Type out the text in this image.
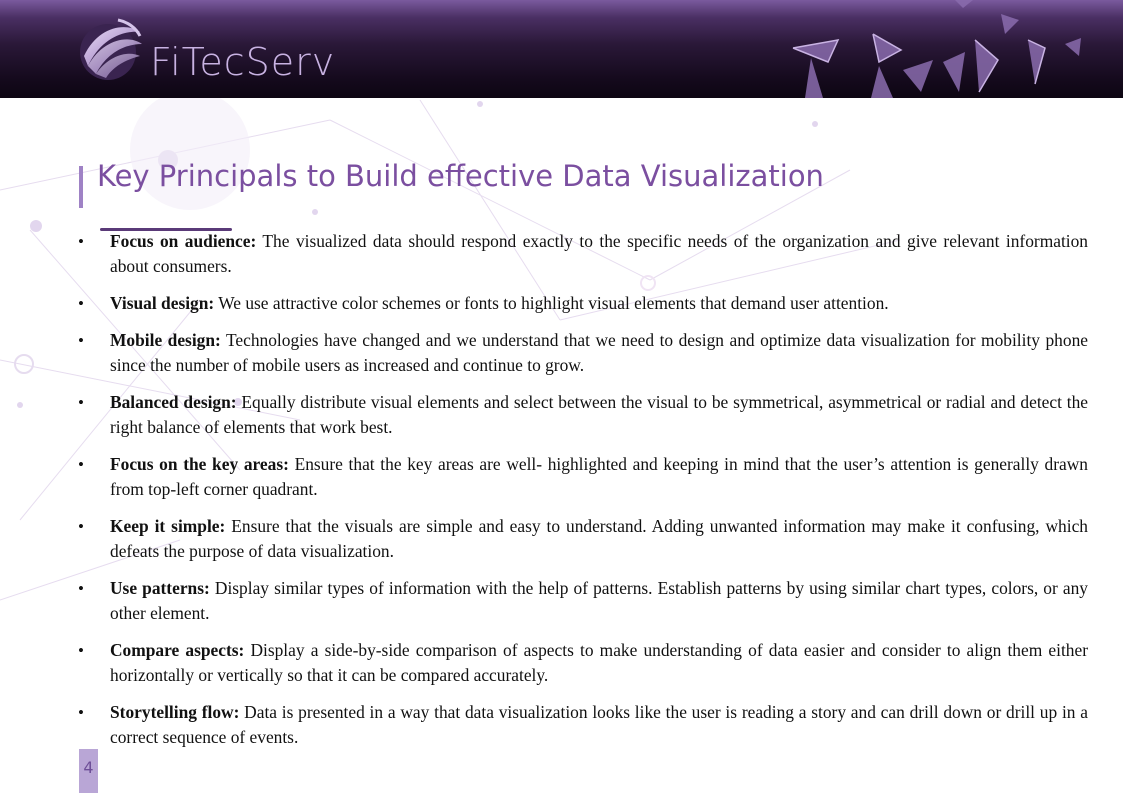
FiTecServ
Key Principals to Build effective Data Visualization
• Focus on audience: The visualized data should respond exactly to the specific needs of the organization and give relevant information about consumers.
• Visual design: We use attractive color schemes or fonts to highlight visual elements that demand user attention.
• Mobile design: Technologies have changed and we understand that we need to design and optimize data visualization for mobility phone since the number of mobile users as increased and continue to grow.
• Balanced design: Equally distribute visual elements and select between the visual to be symmetrical, asymmetrical or radial and detect the right balance of elements that work best.
• Focus on the key areas: Ensure that the key areas are well- highlighted and keeping in mind that the user’s attention is generally drawn from top-left corner quadrant.
• Keep it simple: Ensure that the visuals are simple and easy to understand. Adding unwanted information may make it confusing, which defeats the purpose of data visualization.
• Use patterns: Display similar types of information with the help of patterns. Establish patterns by using similar chart types, colors, or any other element.
• Compare aspects: Display a side-by-side comparison of aspects to make understanding of data easier and consider to align them either horizontally or vertically so that it can be compared accurately.
• Storytelling flow: Data is presented in a way that data visualization looks like the user is reading a story and can drill down or drill up in a correct sequence of events.
4
